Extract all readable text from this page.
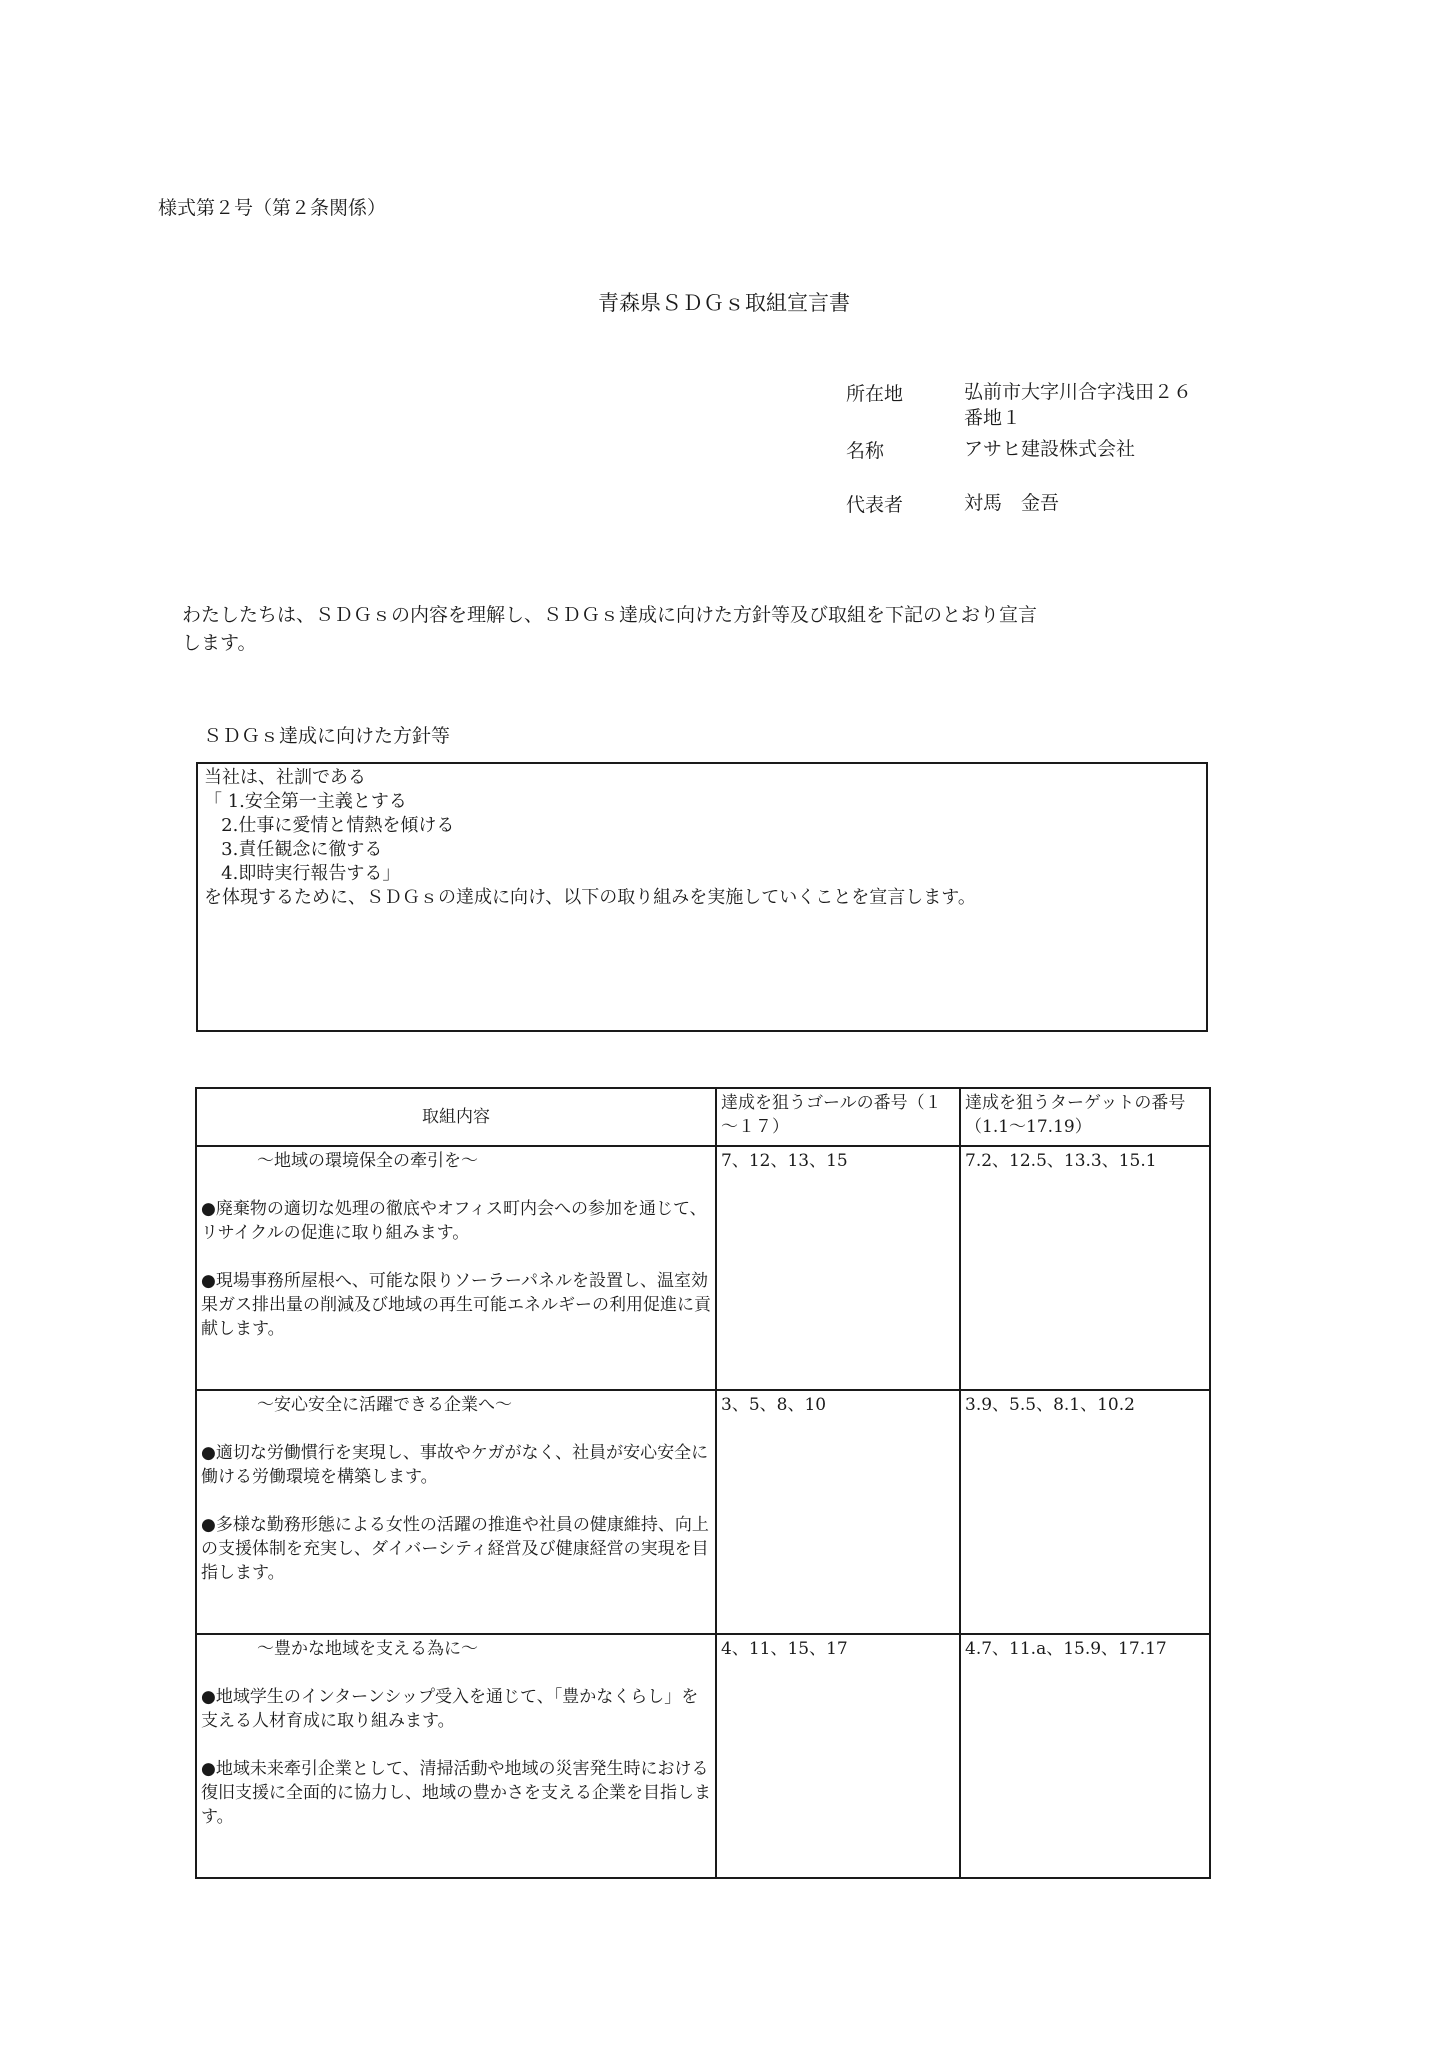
様式第２号（第２条関係）
青森県ＳＤＧｓ取組宣言書
所在地	弘前市大字川合字浅田２６
番地１
名称	アサヒ建設株式会社
代表者	対馬　金吾
わたしたちは、ＳＤＧｓの内容を理解し、ＳＤＧｓ達成に向けた方針等及び取組を下記のとおり宣言
します。
ＳＤＧｓ達成に向けた方針等
当社は、社訓である
「 1.安全第一主義とする
2.仕事に愛情と情熱を傾ける
3.責任観念に徹する
4.即時実行報告する」
を体現するために、ＳＤＧｓの達成に向け、以下の取り組みを実施していくことを宣言します。
取組内容	達成を狙うゴールの番号（１～１７）	達成を狙うターゲットの番号（1.1～17.19）

～地域の環境保全の牽引を～
●廃棄物の適切な処理の徹底やオフィス町内会への参加を通じて、リサイクルの促進に取り組みます。
●現場事務所屋根へ、可能な限りソーラーパネルを設置し、温室効果ガス排出量の削減及び地域の再生可能エネルギーの利用促進に貢献します。	7、12、13、15	7.2、12.5、13.3、15.1

～安心安全に活躍できる企業へ～
●適切な労働慣行を実現し、事故やケガがなく、社員が安心安全に働ける労働環境を構築します。
●多様な勤務形態による女性の活躍の推進や社員の健康維持、向上の支援体制を充実し、ダイバーシティ経営及び健康経営の実現を目指します。	3、5、8、10	3.9、5.5、8.1、10.2

～豊かな地域を支える為に～
●地域学生のインターンシップ受入を通じて、「豊かなくらし」を支える人材育成に取り組みます。
●地域未来牽引企業として、清掃活動や地域の災害発生時における復旧支援に全面的に協力し、地域の豊かさを支える企業を目指します。	4、11、15、17	4.7、11.a、15.9、17.17
